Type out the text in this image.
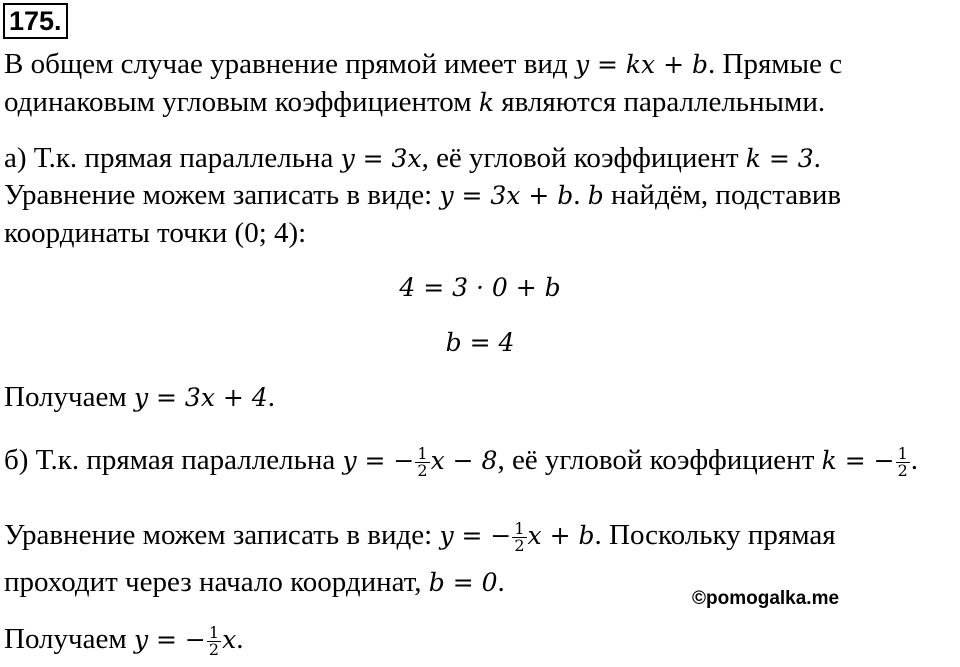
175.
В общем случае уравнение прямой имеет вид y = kx + b. Прямые с
одинаковым угловым коэффициентом k являются параллельными.
а) Т.к. прямая параллельна y = 3x, её угловой коэффициент k = 3.
Уравнение можем записать в виде: y = 3x + b. b найдём, подставив
координаты точки (0; 4):
4 = 3 · 0 + b
b = 4
Получаем y = 3x + 4.
б) Т.к. прямая параллельна y = − $\frac{1}{2}$ x − 8, её угловой коэффициент k = − $\frac{1}{2}$ .
Уравнение можем записать в виде: y = − $\frac{1}{2}$ x + b. Поскольку прямая
проходит через начало координат, b = 0.
©pomogalka.me
Получаем y = − $\frac{1}{2} x$.
